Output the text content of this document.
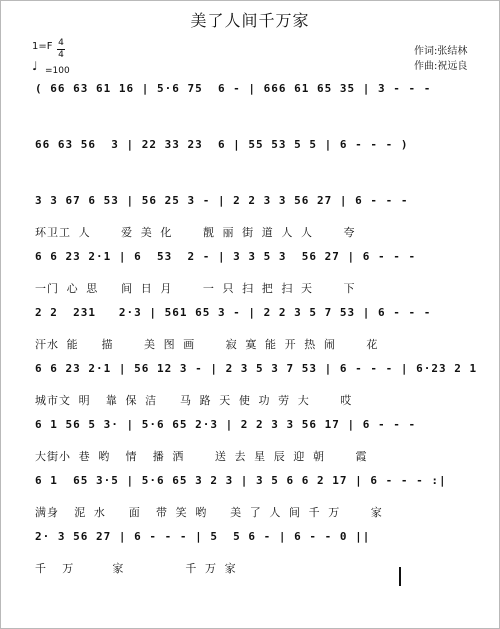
美了人间千万家
1=F 4
4
♩ =100
作词:张结林
作曲:祝远良
( 66 63 61 16 | 5·6 75  6 - | 666 61 65 35 | 3 - - -
66 63 56  3 | 22 33 23  6 | 55 53 5 5 | 6 - - - )
3 3 67 6 53 | 56 25 3 - | 2 2 3 3 56 27 | 6 - - -
环卫工 人    爱 美 化    靓 丽 街 道 人 人    夸
6 6 23 2·1 | 6  53  2 - | 3 3 5 3  56 27 | 6 - - -
一门 心 思   间 日 月    一 只 扫 把 扫 天    下
2 2  231   2·3 | 561 65 3 - | 2 2 3 5 7 53 | 6 - - -
汗水 能   描    美 图 画    寂 寞 能 开 热 闹    花
6 6 23 2·1 | 56 12 3 - | 2 3 5 3 7 53 | 6 - - - | 6·23 2 1
城市文 明  靠 保 洁   马 路 天 使 功 劳 大    哎
6 1 56 5 3· | 5·6 65 2·3 | 2 2 3 3 56 17 | 6 - - -
大街小 巷 哟  情  播 洒    送 去 星 辰 迎 朝    霞
6 1  65 3·5 | 5·6 65 3 2 3 | 3 5 6 6 2 17 | 6 - - - :|
满身  泥 水   面  带 笑 哟   美 了 人 间 千 万    家
2· 3 56 27 | 6 - - - | 5  5 6 - | 6 - - 0 ||
千  万     家        千 万 家
